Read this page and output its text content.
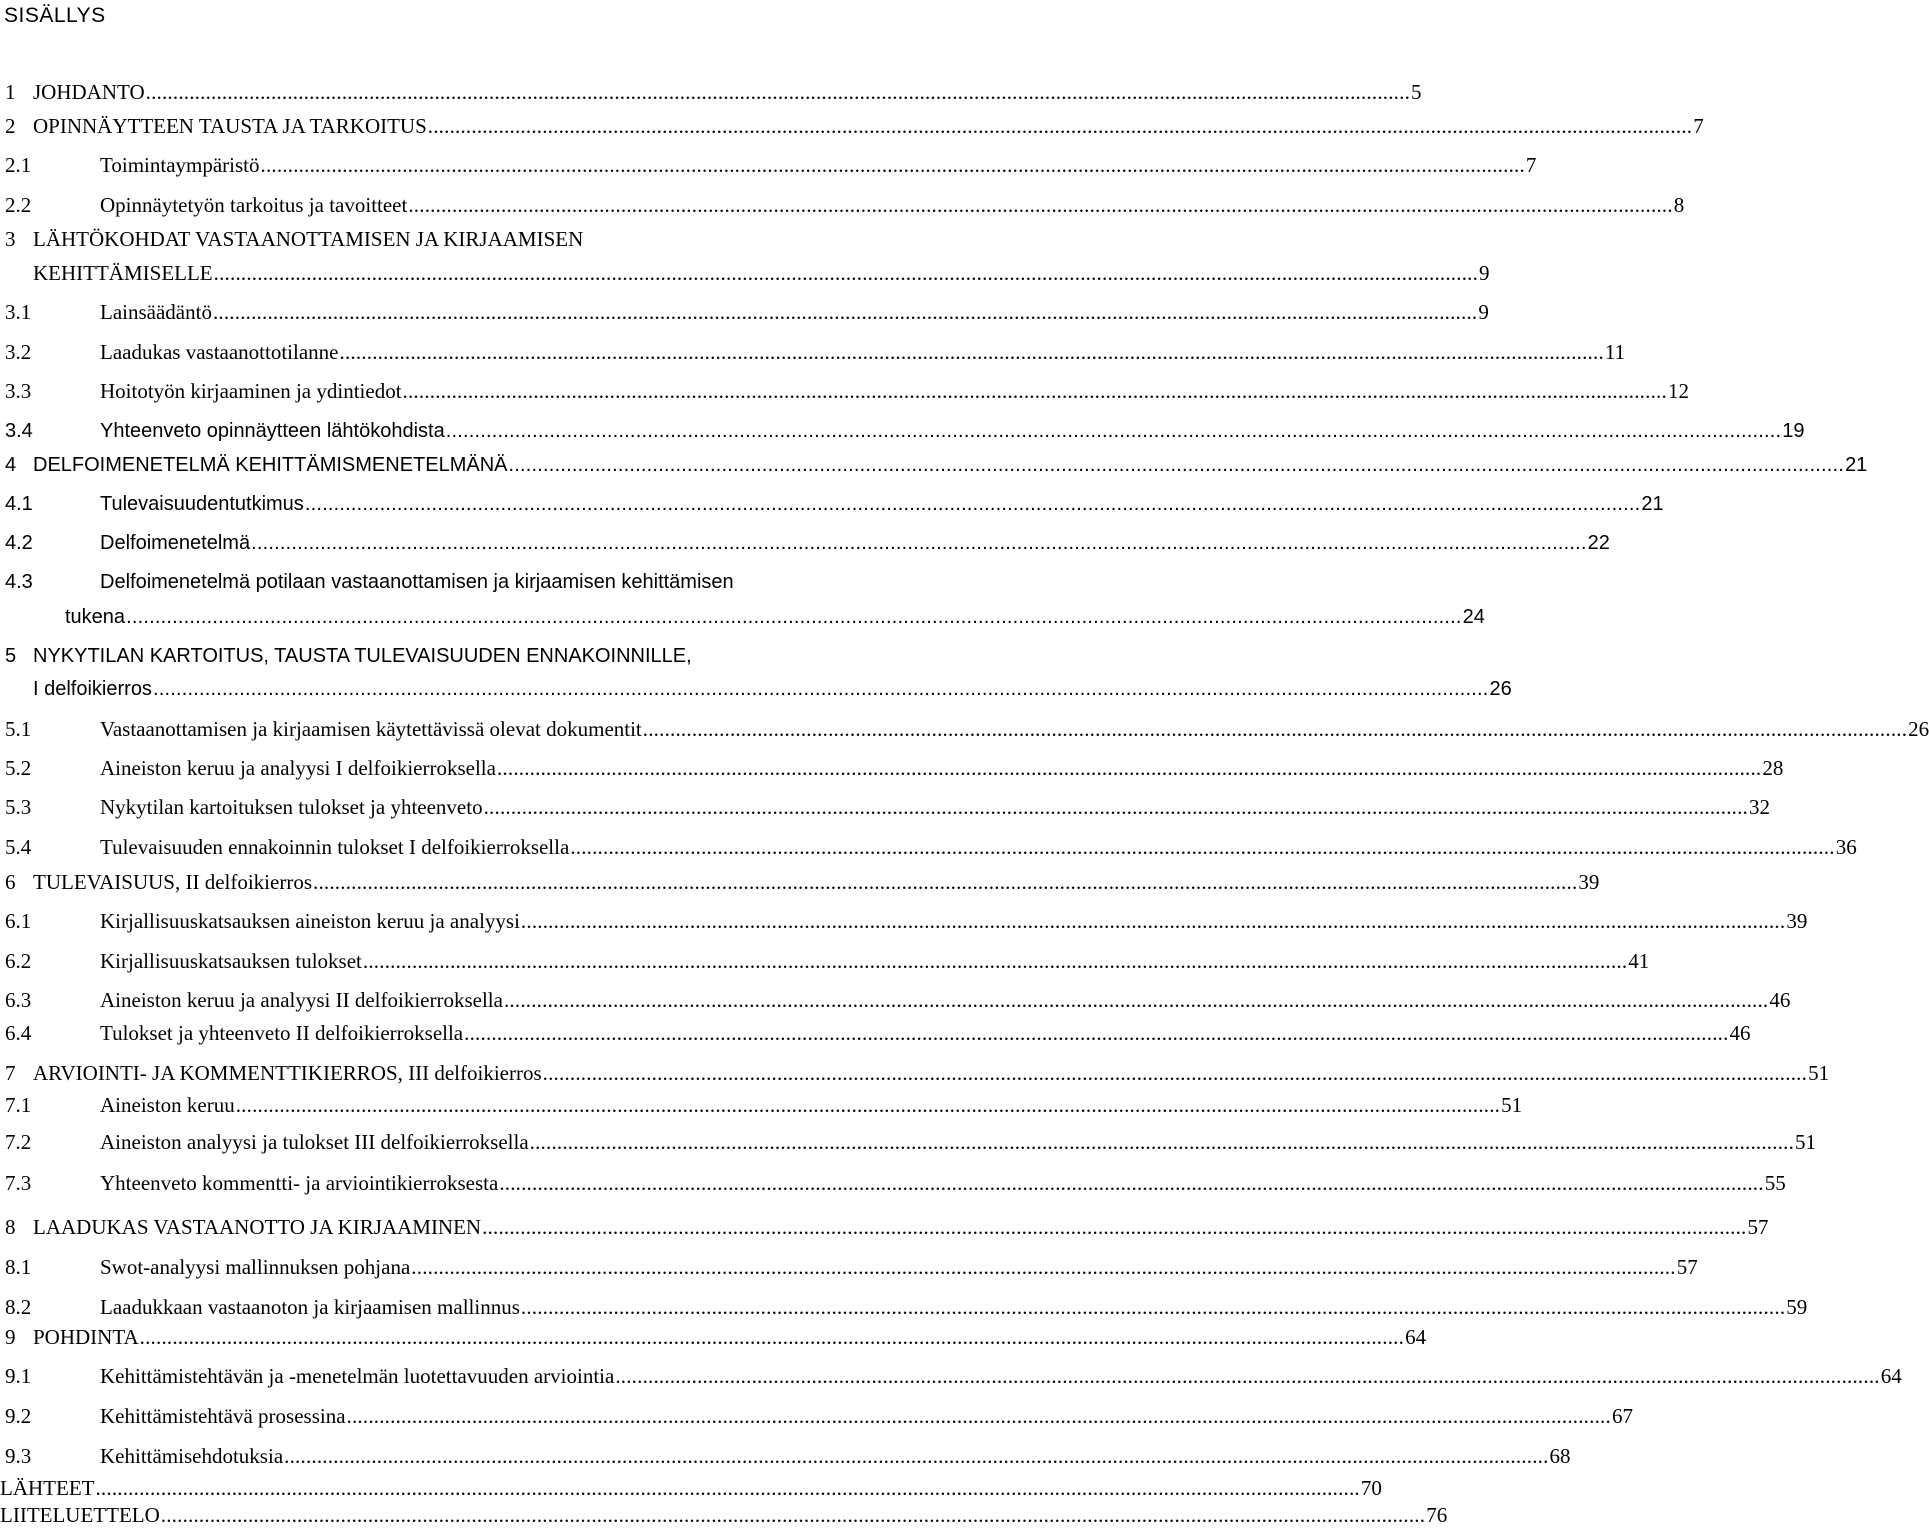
SISÄLLYS
1 JOHDANTO .....	5
2 OPINNÄYTTEEN TAUSTA JA TARKOITUS .....	7
2.1	Toimintaympäristö .....	7
2.2	Opinnäytetyön tarkoitus ja tavoitteet .....	8
3 LÄHTÖKOHDAT VASTAANOTTAMISEN JA KIRJAAMISEN
KEHITTÄMISELLE .....	9
3.1	Lainsäädäntö .....	9
3.2	Laadukas vastaanottotilanne .....	11
3.3	Hoitotyön kirjaaminen ja ydintiedot .....	12
3.4	Yhteenveto opinnäytteen lähtökohdista .....	19
4 DELFOIMENETELMÄ KEHITTÄMISMENETELMÄNÄ .....	21
4.1	Tulevaisuudentutkimus .....	21
4.2	Delfoimenetelmä .....	22
4.3	Delfoimenetelmä potilaan vastaanottamisen ja kirjaamisen kehittämisen
tukena .....	24
5 NYKYTILAN KARTOITUS, TAUSTA TULEVAISUUDEN ENNAKOINNILLE,
I delfoikierros .....	26
5.1	Vastaanottamisen ja kirjaamisen käytettävissä olevat dokumentit .....	26
5.2	Aineiston keruu ja analyysi I delfoikierroksella .....	28
5.3	Nykytilan kartoituksen tulokset ja yhteenveto .....	32
5.4	Tulevaisuuden ennakoinnin tulokset I delfoikierroksella .....	36
6 TULEVAISUUS, II delfoikierros .....	39
6.1	Kirjallisuuskatsauksen aineiston keruu ja analyysi .....	39
6.2	Kirjallisuuskatsauksen tulokset .....	41
6.3	Aineiston keruu ja analyysi II delfoikierroksella .....	46
6.4	Tulokset ja yhteenveto II delfoikierroksella .....	46
7 ARVIOINTI- JA KOMMENTTIKIERROS, III delfoikierros .....	51
7.1	Aineiston keruu .....	51
7.2	Aineiston analyysi ja tulokset III delfoikierroksella .....	51
7.3	Yhteenveto kommentti- ja arviointikierroksesta .....	55
8 LAADUKAS VASTAANOTTO JA KIRJAAMINEN .....	57
8.1	Swot-analyysi mallinnuksen pohjana .....	57
8.2	Laadukkaan vastaanoton ja kirjaamisen mallinnus .....	59
9 POHDINTA .....	64
9.1	Kehittämistehtävän ja -menetelmän luotettavuuden arviointia .....	64
9.2	Kehittämistehtävä prosessina .....	67
9.3	Kehittämisehdotuksia .....	68
LÄHTEET .....	70
LIITELUETTELO .....	76
